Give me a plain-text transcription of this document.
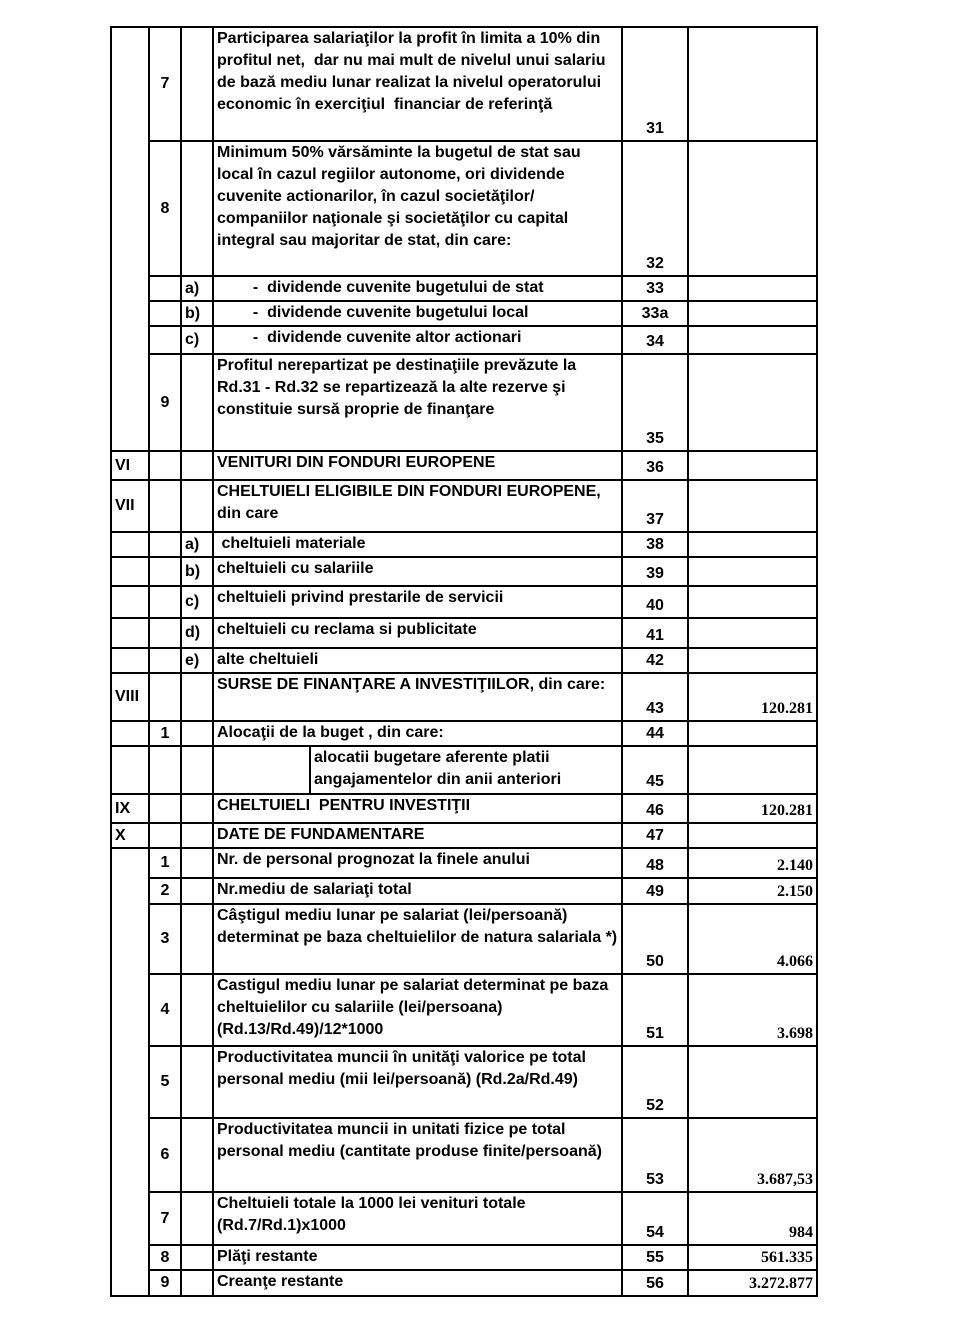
	7		Participarea salariaţilor la profit în limita a 10% din profitul net,  dar nu mai mult de nivelul unui salariu de bază mediu lunar realizat la nivelul operatorului economic în exerciţiul  financiar de referinţă	31	
	8		Minimum 50% vărsăminte la bugetul de stat sau local în cazul regiilor autonome, ori dividende cuvenite actionarilor, în cazul societăţilor/ companiilor naţionale şi societăţilor cu capital integral sau majoritar de stat, din care:	32	
		a)	-  dividende cuvenite bugetului de stat	33	
		b)	-  dividende cuvenite bugetului local	33a	
		c)	-  dividende cuvenite altor actionari	34	
	9		Profitul nerepartizat pe destinaţiile prevăzute la Rd.31 - Rd.32 se repartizează la alte rezerve şi constituie sursă proprie de finanţare	35	
VI			VENITURI DIN FONDURI EUROPENE	36	
VII			CHELTUIELI ELIGIBILE DIN FONDURI EUROPENE,   din care	37	
		a)	cheltuieli materiale	38	
		b)	cheltuieli cu salariile	39	
		c)	cheltuieli privind prestarile de servicii	40	
		d)	cheltuieli cu reclama si publicitate	41	
		e)	alte cheltuieli	42	
VIII			SURSE DE FINANŢARE A INVESTIŢIILOR, din care:	43	120.281
	1		Alocaţii de la buget , din care:	44	

			alocatii bugetare aferente platii angajamentelor din anii anteriori	45	
IX			CHELTUIELI  PENTRU INVESTIŢII	46	120.281
X			DATE DE FUNDAMENTARE	47	
	1		Nr. de personal prognozat la finele anului	48	2.140
	2		Nr.mediu de salariaţi total	49	2.150
	3		Câştigul mediu lunar pe salariat (lei/persoană) determinat pe baza cheltuielilor de natura salariala *)	50	4.066
	4		Castigul mediu lunar pe salariat determinat pe baza cheltuielilor cu salariile (lei/persoana) (Rd.13/Rd.49)/12*1000	51	3.698
	5		Productivitatea muncii în unităţi valorice pe total personal mediu (mii lei/persoană) (Rd.2a/Rd.49)	52	
	6		Productivitatea muncii in unitati fizice pe total personal mediu (cantitate produse finite/persoană)	53	3.687,53
	7		Cheltuieli totale la 1000 lei venituri totale (Rd.7/Rd.1)x1000	54	984
	8		Plăţi restante	55	561.335
	9		Creanţe restante	56	3.272.877
